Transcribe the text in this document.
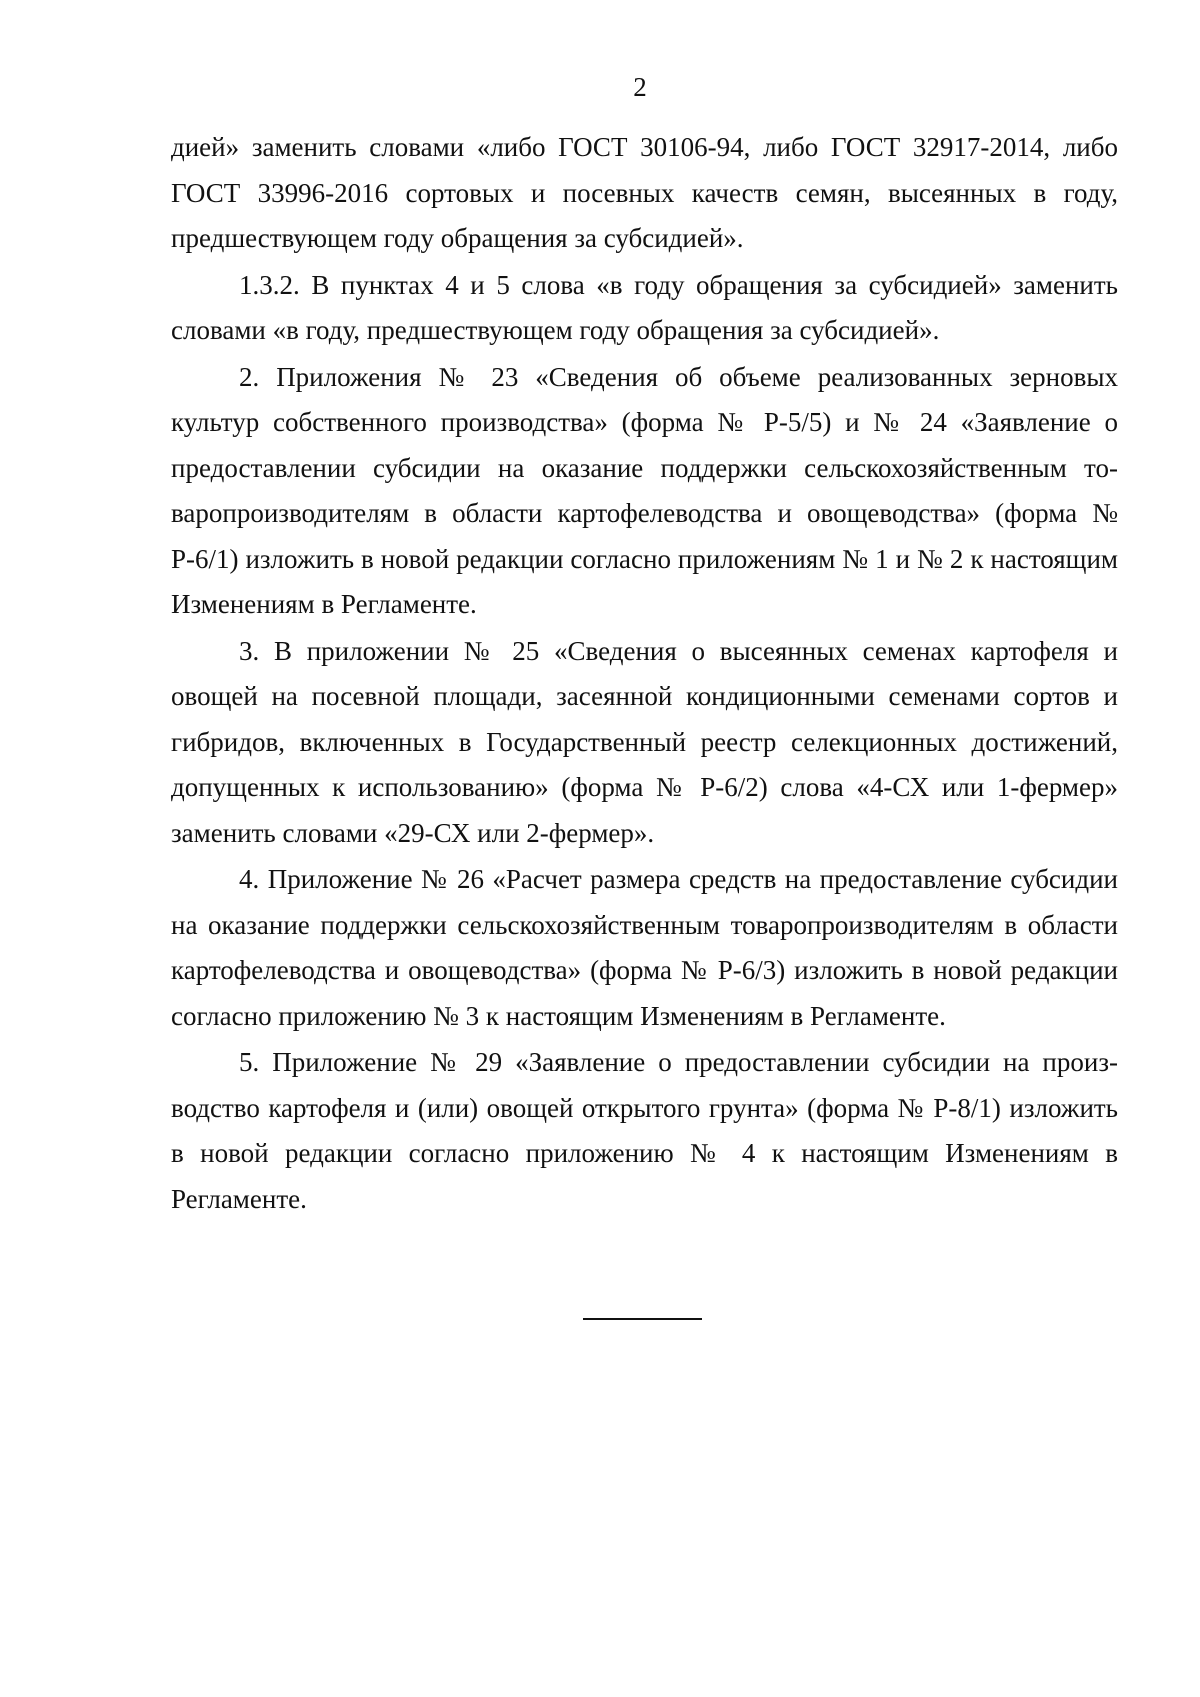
2

дией» заменить словами «либо ГОСТ 30106-94, либо ГОСТ 32917-2014, либо ГОСТ 33996-2016 сортовых и посевных качеств семян, высеянных в году, предшествующем году обращения за субсидией».

1.3.2. В пунктах 4 и 5 слова «в году обращения за субсидией» заменить словами «в году, предшествующем году обращения за субсидией».

2. Приложения № 23 «Сведения об объеме реализованных зерновых культур собственного производства» (форма № Р-5/5) и № 24 «Заявление о предоставлении субсидии на оказание поддержки сельскохозяйственным товаропроизводителям в области картофелеводства и овощеводства» (форма № Р-6/1) изложить в новой редакции согласно приложениям № 1 и № 2 к настоящим Изменениям в Регламенте.

3. В приложении № 25 «Сведения о высеянных семенах картофеля и овощей на посевной площади, засеянной кондиционными семенами сортов и гибридов, включенных в Государственный реестр селекционных достижений, допущенных к использованию» (форма № Р-6/2) слова «4-СХ или 1-фермер» заменить словами «29-СХ или 2-фермер».

4. Приложение № 26 «Расчет размера средств на предоставление субсидии на оказание поддержки сельскохозяйственным товаропроизводителям в области картофелеводства и овощеводства» (форма № Р-6/3) изложить в новой редакции согласно приложению № 3 к настоящим Изменениям в Регламенте.

5. Приложение № 29 «Заявление о предоставлении субсидии на производство картофеля и (или) овощей открытого грунта» (форма № Р-8/1) изложить в новой редакции согласно приложению № 4 к настоящим Изменениям в Регламенте.
